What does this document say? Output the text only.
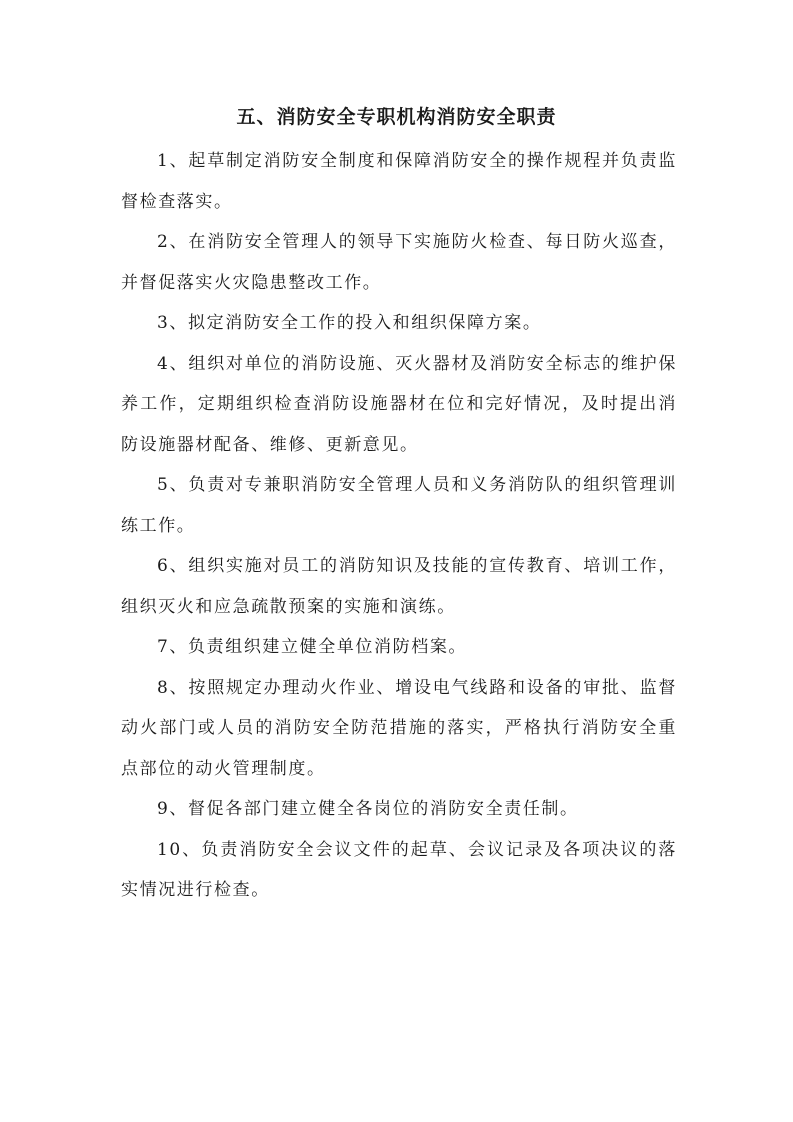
五、消防安全专职机构消防安全职责

1、起草制定消防安全制度和保障消防安全的操作规程并负责监督检查落实。

2、在消防安全管理人的领导下实施防火检查、每日防火巡查，并督促落实火灾隐患整改工作。

3、拟定消防安全工作的投入和组织保障方案。

4、组织对单位的消防设施、灭火器材及消防安全标志的维护保养工作，定期组织检查消防设施器材在位和完好情况，及时提出消防设施器材配备、维修、更新意见。

5、负责对专兼职消防安全管理人员和义务消防队的组织管理训练工作。

6、组织实施对员工的消防知识及技能的宣传教育、培训工作，组织灭火和应急疏散预案的实施和演练。

7、负责组织建立健全单位消防档案。

8、按照规定办理动火作业、增设电气线路和设备的审批、监督动火部门或人员的消防安全防范措施的落实，严格执行消防安全重点部位的动火管理制度。

9、督促各部门建立健全各岗位的消防安全责任制。

10、负责消防安全会议文件的起草、会议记录及各项决议的落实情况进行检查。
